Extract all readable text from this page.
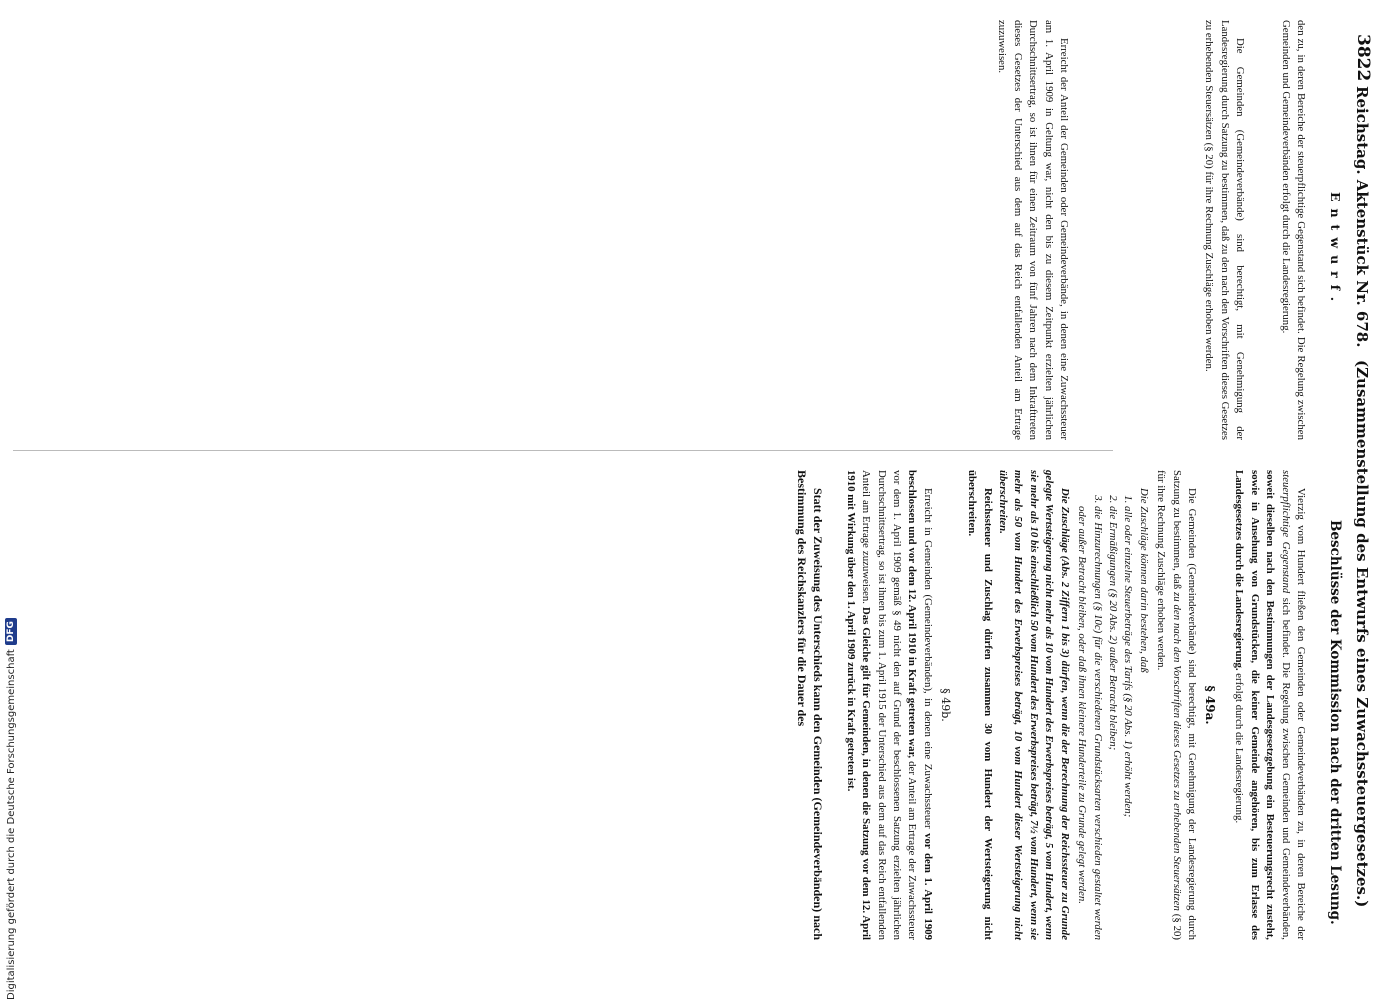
3822
Reichstag. Aktenstück Nr. 678.
(Zusammenstellung des Entwurfs eines Zuwachssteuergesetzes.)
Beschlüsse der Kommission nach der dritten Lesung.
Entwurf.

den zu, in deren Bereiche der steuerpflichtige Gegenstand sich befindet. Die Regelung zwischen Gemeinden und Gemeindeverbänden erfolgt durch die Landesregierung.

Die Gemeinden (Gemeindeverbände) sind berechtigt, mit Genehmigung der Landesregierung durch Satzung zu bestimmen, daß zu den nach den Vorschriften dieses Gesetzes zu erhebenden Steuersätzen (§ 20) für ihre Rechnung Zuschläge erhoben werden.

Erreicht der Anteil der Gemeinden oder Gemeindeverbände, in denen eine Zuwachssteuer am 1. April 1909 in Geltung war, nicht den bis zu diesem Zeitpunkt erzielten jährlichen Durchschnittsertrag, so ist ihnen für einen Zeitraum von fünf Jahren nach dem Inkrafttreten dieses Gesetzes der Unterschied aus dem auf das Reich entfallenden Anteil am Ertrage zuzuweisen.

Vierzig vom Hundert fließen den Gemeinden oder Gemeindeverbänden zu, in deren Bereiche der steuerpflichtige Gegenstand sich befindet. Die Regelung zwischen Gemeinden und Gemeindeverbänden, soweit dieselben nach den Bestimmungen der Landesgesetzgebung ein Besteuerungsrecht zusteht, sowie in Ansehung von Grundstücken, die keiner Gemeinde angehören, bis zum Erlasse des Landesgesetzes durch die Landesregierung. erfolgt durch die Landesregierung.

§ 49a.

Die Gemeinden (Gemeindeverbände) sind berechtigt, mit Genehmigung der Landesregierung durch Satzung zu bestimmen, daß zu den nach den Vorschriften dieses Gesetzes zu erhebenden Steuersätzen (§ 20) für ihre Rechnung Zuschläge erhoben werden.

Die Zuschläge können darin bestehen, daß

1. alle oder einzelne Steuerbeträge des Tarifs (§ 20 Abs. 1) erhöht werden;
2. die Ermäßigungen (§ 20 Abs. 2) außer Betracht bleiben;
3. die Hinzurechnungen (§ 10c) für die verschiedenen Grundstücksarten verschieden gestaltet werden oder außer Betracht bleiben, oder daß ihnen kleinere Hunderteile zu Grunde gelegt werden.

Die Zuschläge (Abs. 2 Ziffern 1 bis 3) dürfen, wenn die der Berechnung der Reichssteuer zu Grunde gelegte Wertsteigerung nicht mehr als 10 vom Hundert des Erwerbspreises beträgt, 5 vom Hundert, wenn sie mehr als 10 bis einschließlich 50 vom Hundert des Erwerbspreises beträgt, 7½ vom Hundert, wenn sie mehr als 50 vom Hundert des Erwerbspreises beträgt, 10 vom Hundert dieser Wertsteigerung nicht überschreiten.

Reichssteuer und Zuschlag dürfen zusammen 30 vom Hundert der Wertsteigerung nicht überschreiten.

§ 49b.

Erreicht in Gemeinden (Gemeindeverbänden), in denen eine Zuwachssteuer vor dem 1. April 1909 beschlossen und vor dem 12. April 1910 in Kraft getreten war, der Anteil am Ertrage der Zuwachssteuer vor dem 1. April 1909 gemäß § 49 nicht den auf Grund der beschlossenen Satzung erzielten jährlichen Durchschnittsertrag, so ist ihnen bis zum 1. April 1915 der Unterschied aus dem auf das Reich entfallenden Anteil am Ertrage zuzuweisen. Das Gleiche gilt für Gemeinden, in denen die Satzung vor dem 12. April 1910 mit Wirkung über den 1. April 1909 zurück in Kraft getreten ist.

Statt der Zuweisung des Unterschieds kann den Gemeinden (Gemeindeverbänden) nach Bestimmung des Reichskanzlers für die Dauer des

Digitalisierung gefördert durch die Deutsche Forschungsgemeinschaft
DFG
